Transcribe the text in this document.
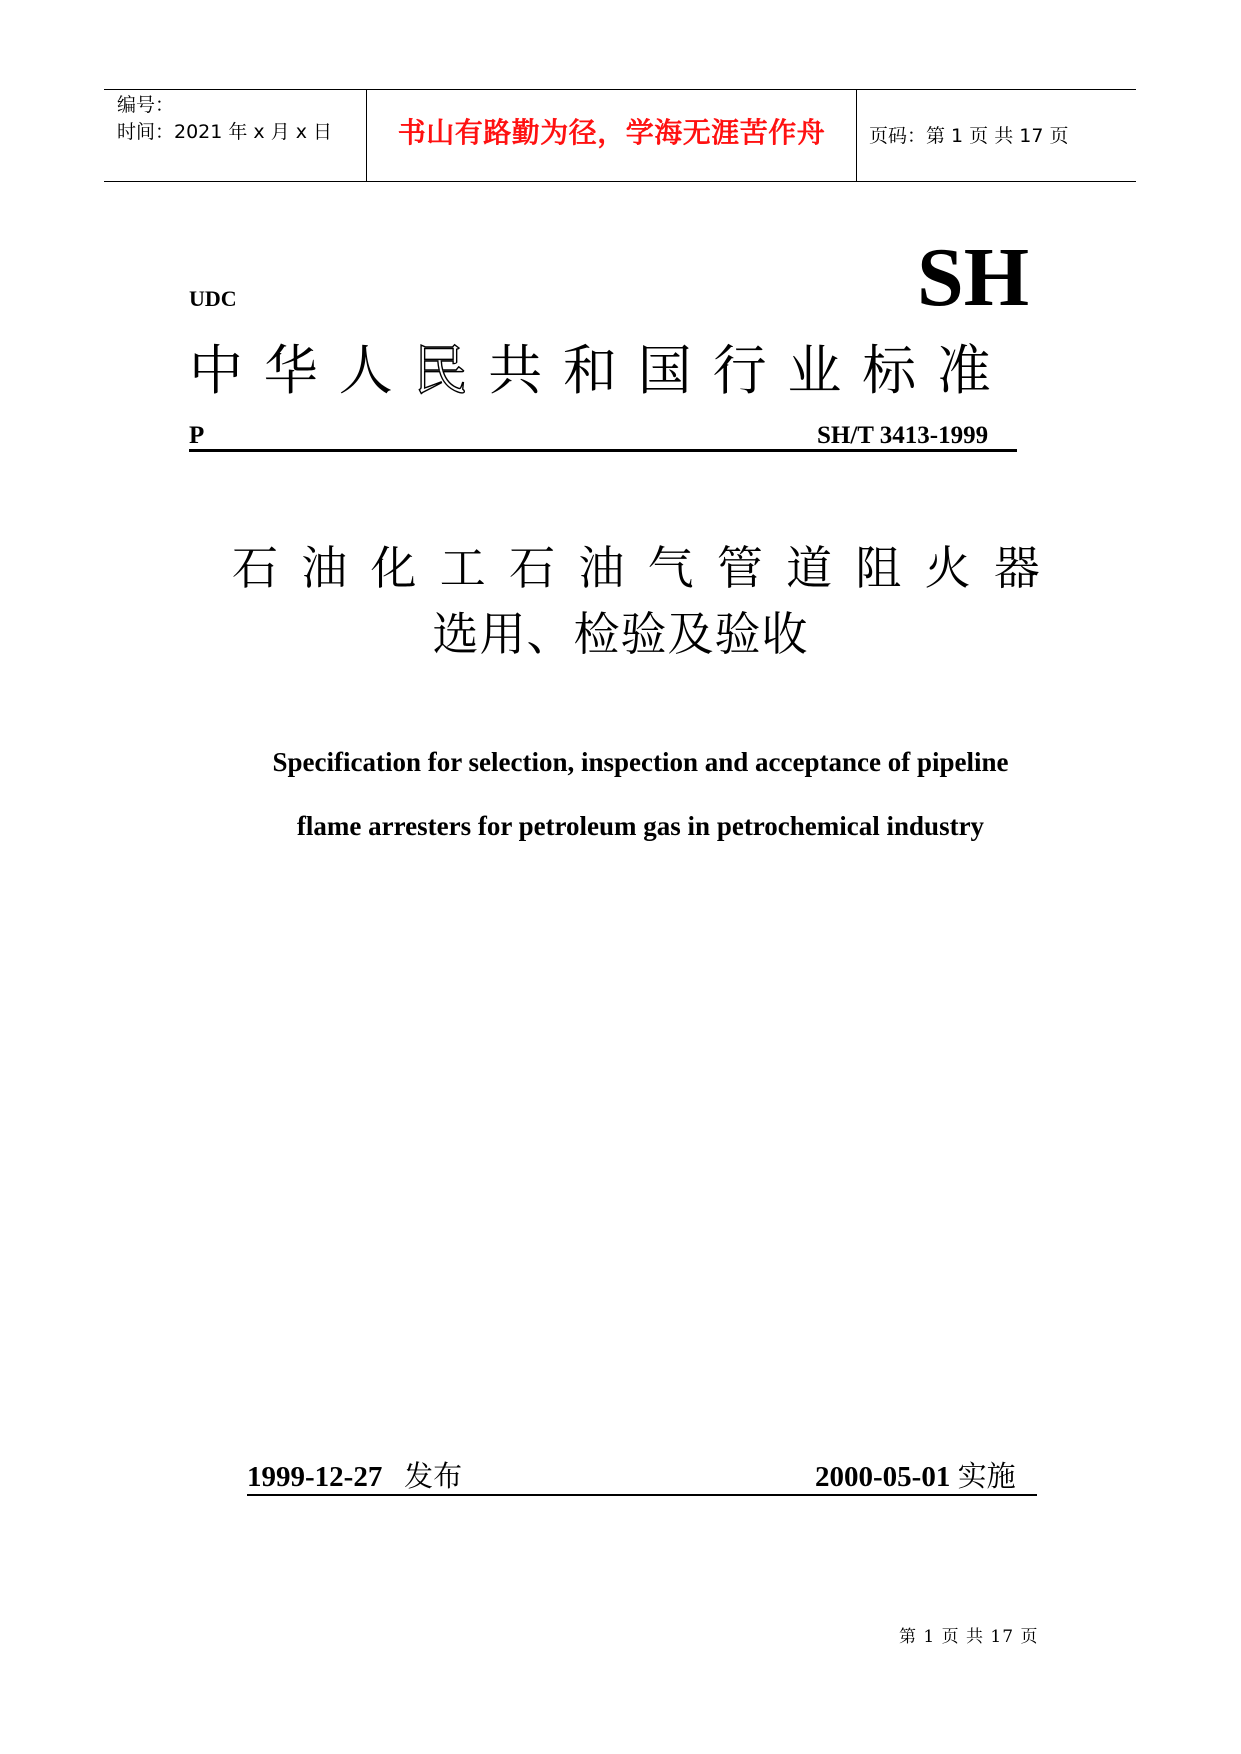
编号：
时间：2021 年 x 月 x 日	书山有路勤为径，学海无涯苦作舟	页码：第 1 页 共 17 页
UDC	SH
中 华 人 民 共 和 国 行 业 标 准
P	SH/T 3413-1999
石 油 化 工 石 油 气 管 道 阻 火 器
选用、检验及验收
Specification for selection, inspection and acceptance of pipeline
flame arresters for petroleum gas in petrochemical industry
1999-12-27 发布	2000-05-01 实施
第 1 页 共 17 页
